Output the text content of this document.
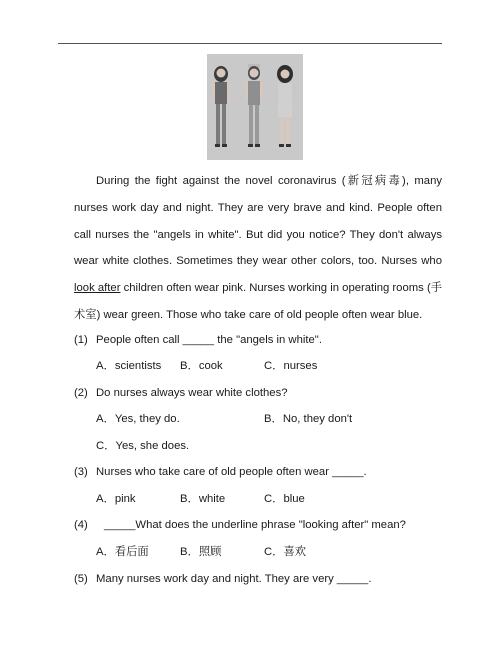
During the fight against the novel coronavirus (新冠病毒), many nurses work day and night. They are very brave and kind. People often call nurses the "angels in white". But did you notice? They don't always wear white clothes. Sometimes they wear other colors, too. Nurses who look after children often wear pink. Nurses working in operating rooms (手术室) wear green. Those who take care of old people often wear blue.

(1) People often call _____ the "angels in white".
A．scientists B．cook	C．nurses
(2) Do nurses always wear white clothes?
A．Yes, they do.	B．No, they don't
C．Yes, she does.
(3) Nurses who take care of old people often wear _____.
A．pink	B．white	C．blue
(4) _____What does the underline phrase "looking after" mean?
A．看后面	B．照顾	C．喜欢
(5) Many nurses work day and night. They are very _____.
